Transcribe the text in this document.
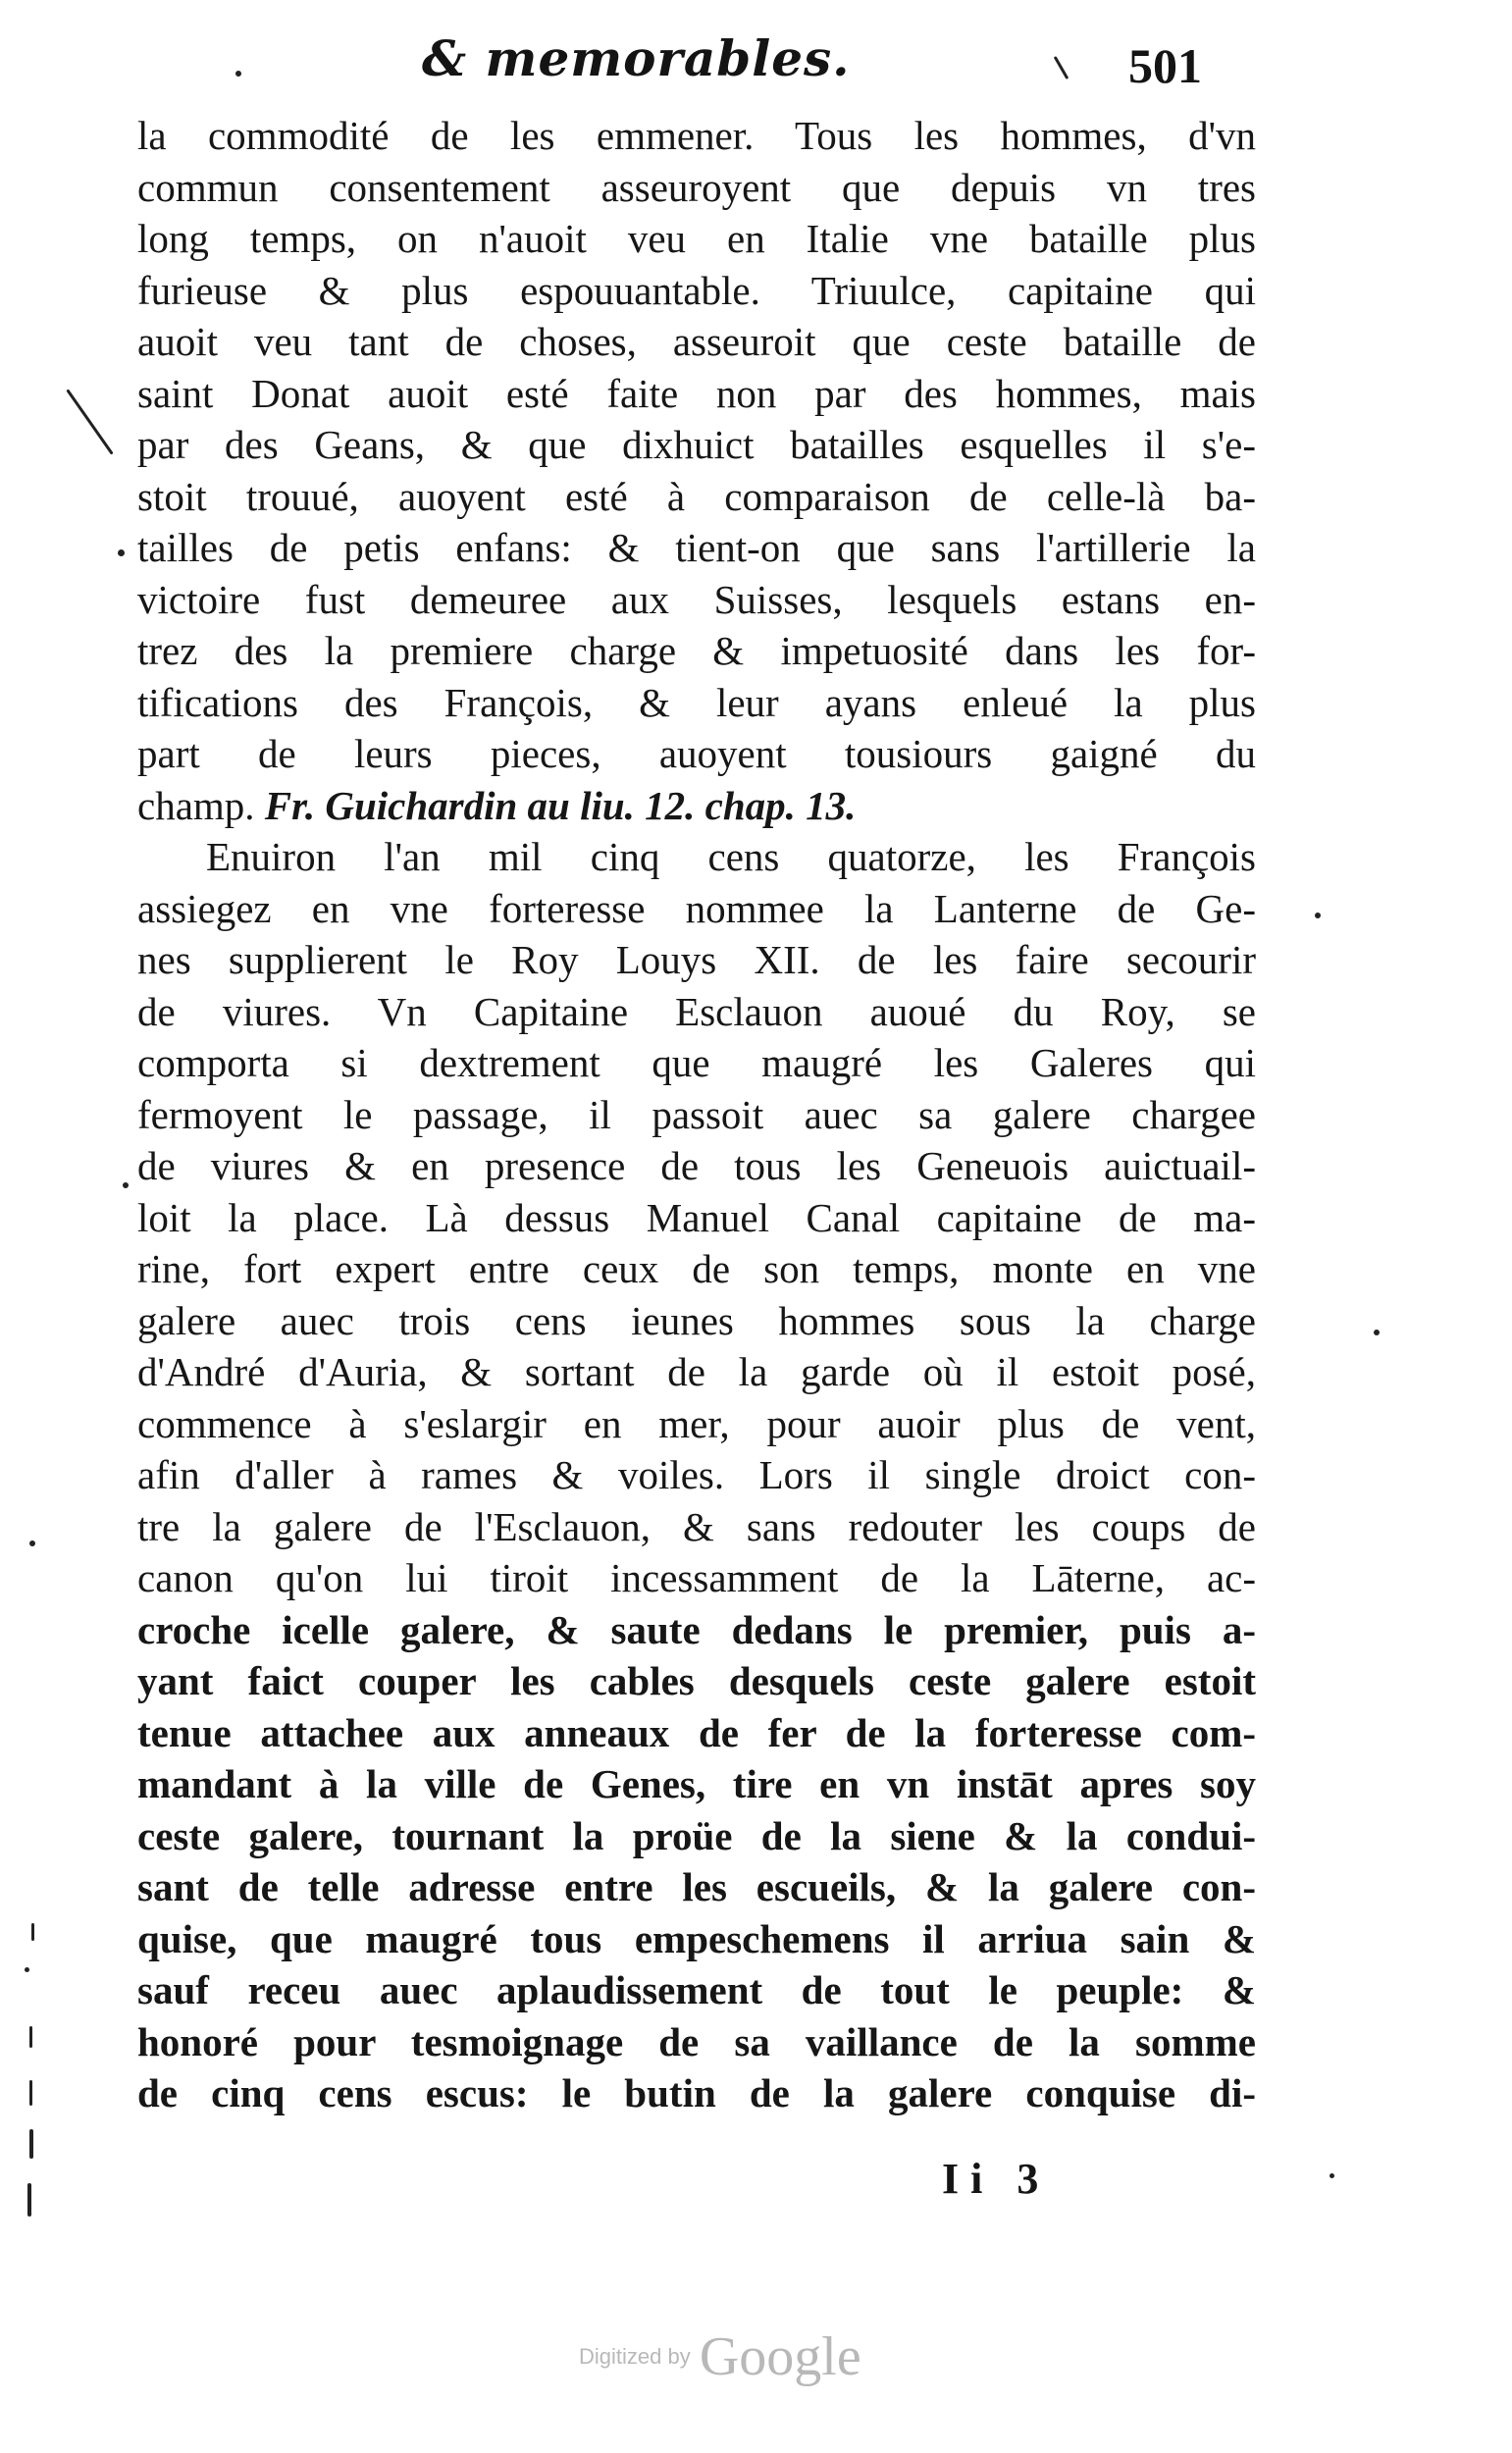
& memorables.	501
la commodité de les emmener. Tous les hommes, d'vn
commun consentement asseuroyent que depuis vn tres
long temps, on n'auoit veu en Italie vne bataille plus
furieuse & plus espouuantable. Triuulce, capitaine qui
auoit veu tant de choses, asseuroit que ceste bataille de
saint Donat auoit esté faite non par des hommes, mais
par des Geans, & que dixhuict batailles esquelles il s'e-
stoit trouué, auoyent esté à comparaison de celle-là ba-
tailles de petis enfans: & tient-on que sans l'artillerie la
victoire fust demeuree aux Suisses, lesquels estans en-
trez des la premiere charge & impetuosité dans les for-
tifications des François, & leur ayans enleué la plus
part de leurs pieces, auoyent tousiours gaigné du
champ. Fr. Guichardin au liu. 12. chap. 13.
Enuiron l'an mil cinq cens quatorze, les François
assiegez en vne forteresse nommee la Lanterne de Ge-
nes supplierent le Roy Louys XII. de les faire secourir
de viures. Vn Capitaine Esclauon auoué du Roy, se
comporta si dextrement que maugré les Galeres qui
fermoyent le passage, il passoit auec sa galere chargee
de viures & en presence de tous les Geneuois auictuail-
loit la place. Là dessus Manuel Canal capitaine de ma-
rine, fort expert entre ceux de son temps, monte en vne
galere auec trois cens ieunes hommes sous la charge
d'André d'Auria, & sortant de la garde où il estoit posé,
commence à s'eslargir en mer, pour auoir plus de vent,
afin d'aller à rames & voiles. Lors il single droict con-
tre la galere de l'Esclauon, & sans redouter les coups de
canon qu'on lui tiroit incessamment de la Lāterne, ac-
croche icelle galere, & saute dedans le premier, puis a-
yant faict couper les cables desquels ceste galere estoit
tenue attachee aux anneaux de fer de la forteresse com-
mandant à la ville de Genes, tire en vn instāt apres soy
ceste galere, tournant la proüe de la siene & la condui-
sant de telle adresse entre les escueils, & la galere con-
quise, que maugré tous empeschemens il arriua sain &
sauf receu auec aplaudissement de tout le peuple: &
honoré pour tesmoignage de sa vaillance de la somme
de cinq cens escus: le butin de la galere conquise di-
Ii 3
Digitized by Google
